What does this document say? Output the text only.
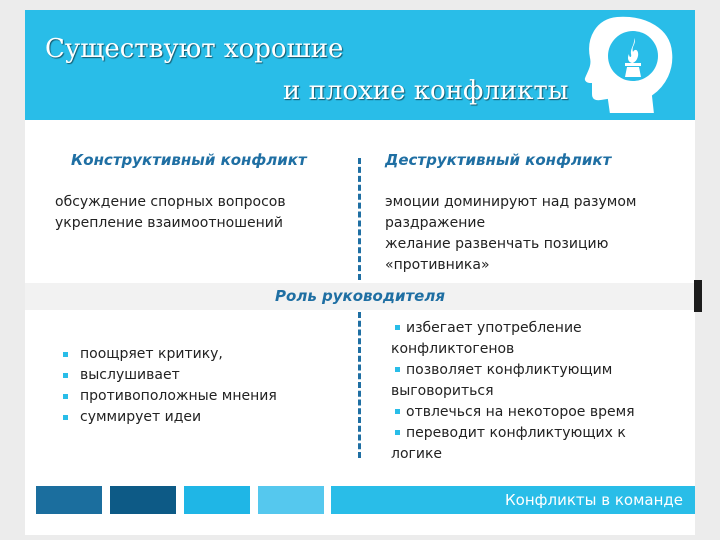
Существуют хорошие
и плохие конфликты
Конструктивный конфликт	Деструктивный конфликт
обсуждение спорных вопросов
укрепление взаимоотношений
эмоции доминируют над разумом
раздражение
желание развенчать позицию
«противника»
Роль руководителя
поощряет критику,
выслушивает
противоположные мнения
суммирует идеи
избегает употребление
конфликтогенов
позволяет конфликтующим
выговориться
отвлечься на некоторое время
переводит конфликтующих к
логике
Конфликты в команде
